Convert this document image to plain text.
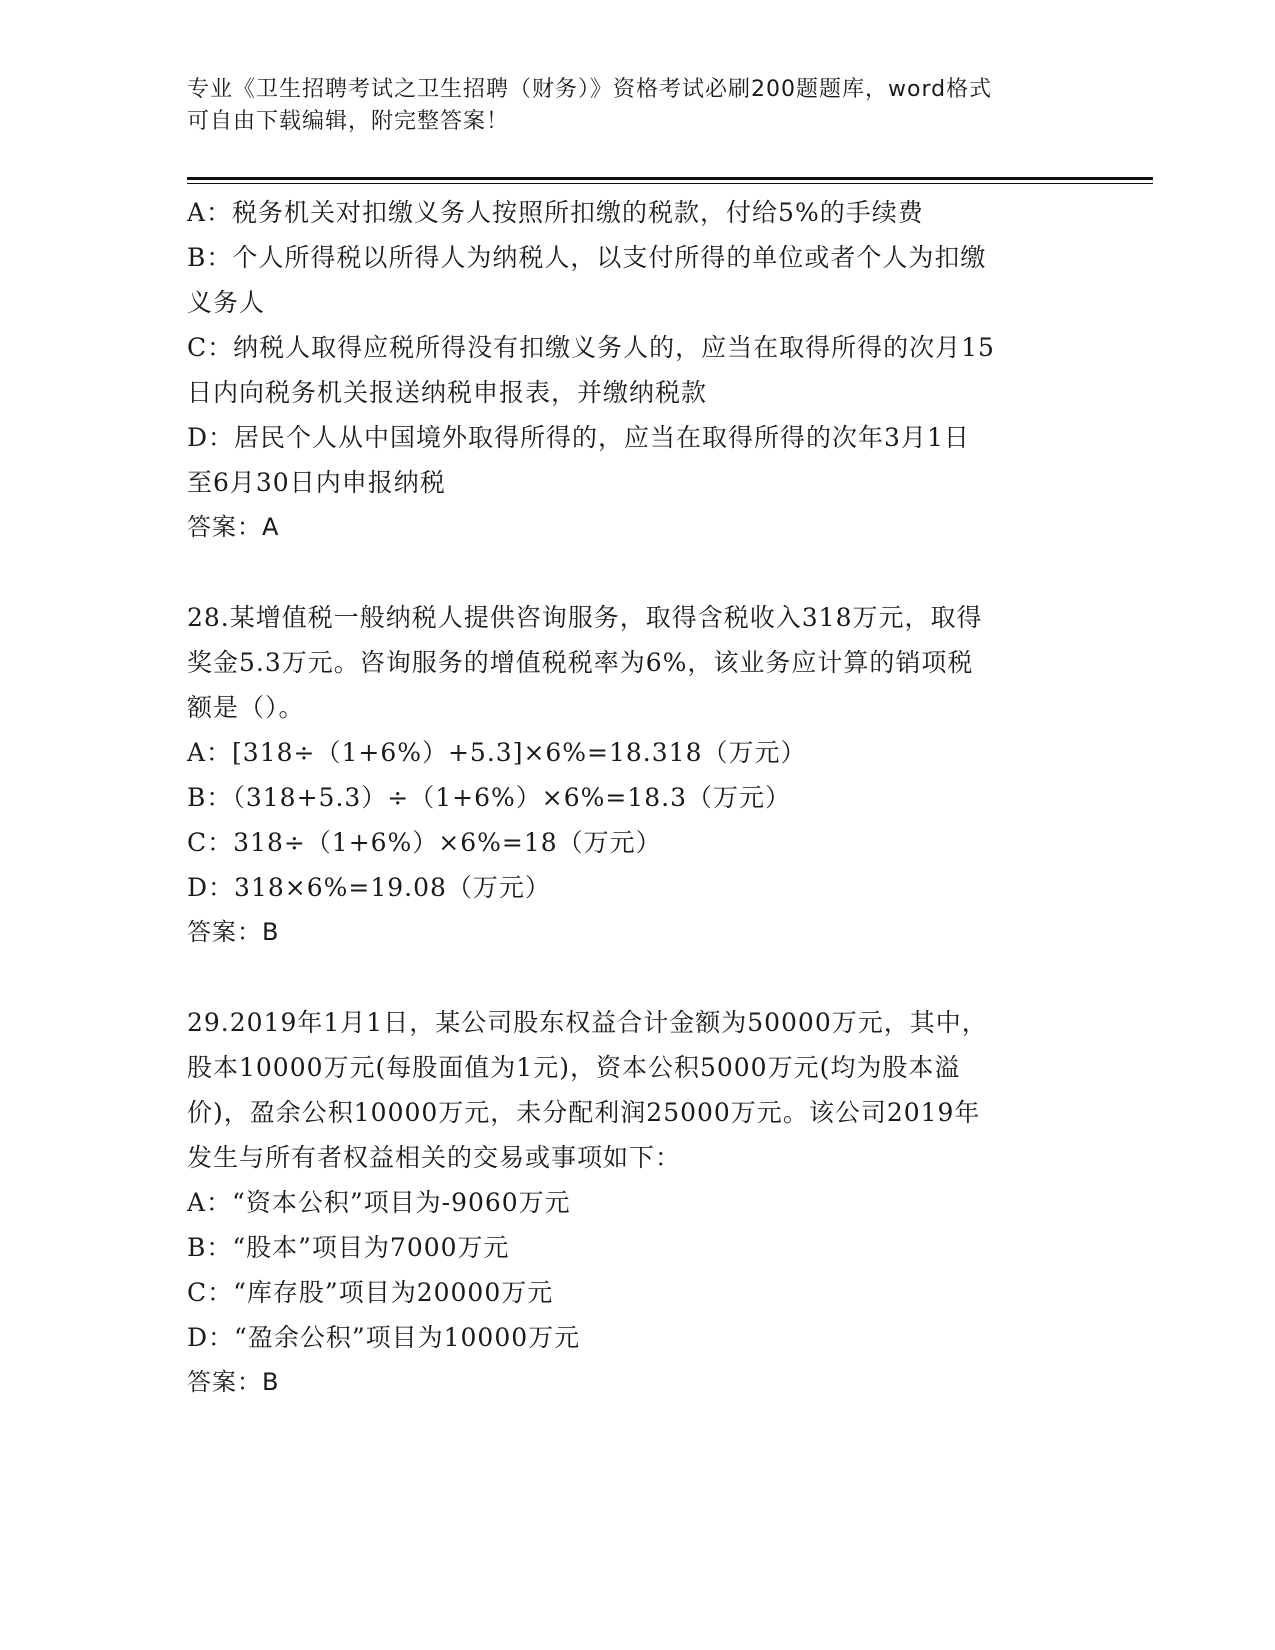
专业《卫生招聘考试之卫生招聘（财务）》资格考试必刷200题题库，word格式
可自由下载编辑，附完整答案！
A：税务机关对扣缴义务人按照所扣缴的税款，付给5%的手续费
B：个人所得税以所得人为纳税人，以支付所得的单位或者个人为扣缴
义务人
C：纳税人取得应税所得没有扣缴义务人的，应当在取得所得的次月15
日内向税务机关报送纳税申报表，并缴纳税款
D：居民个人从中国境外取得所得的，应当在取得所得的次年3月1日
至6月30日内申报纳税
答案：A
28.某增值税一般纳税人提供咨询服务，取得含税收入318万元，取得
奖金5.3万元。咨询服务的增值税税率为6%，该业务应计算的销项税
额是（）。
A：[318÷（1+6%）+5.3]×6%=18.318（万元）
B：（318+5.3）÷（1+6%）×6%=18.3（万元）
C：318÷（1+6%）×6%=18（万元）
D：318×6%=19.08（万元）
答案：B
29.2019年1月1日，某公司股东权益合计金额为50000万元，其中，
股本10000万元(每股面值为1元)，资本公积5000万元(均为股本溢
价)，盈余公积10000万元，未分配利润25000万元。该公司2019年
发生与所有者权益相关的交易或事项如下：
A：“资本公积”项目为-9060万元
B：“股本”项目为7000万元
C：“库存股”项目为20000万元
D：“盈余公积”项目为10000万元
答案：B
